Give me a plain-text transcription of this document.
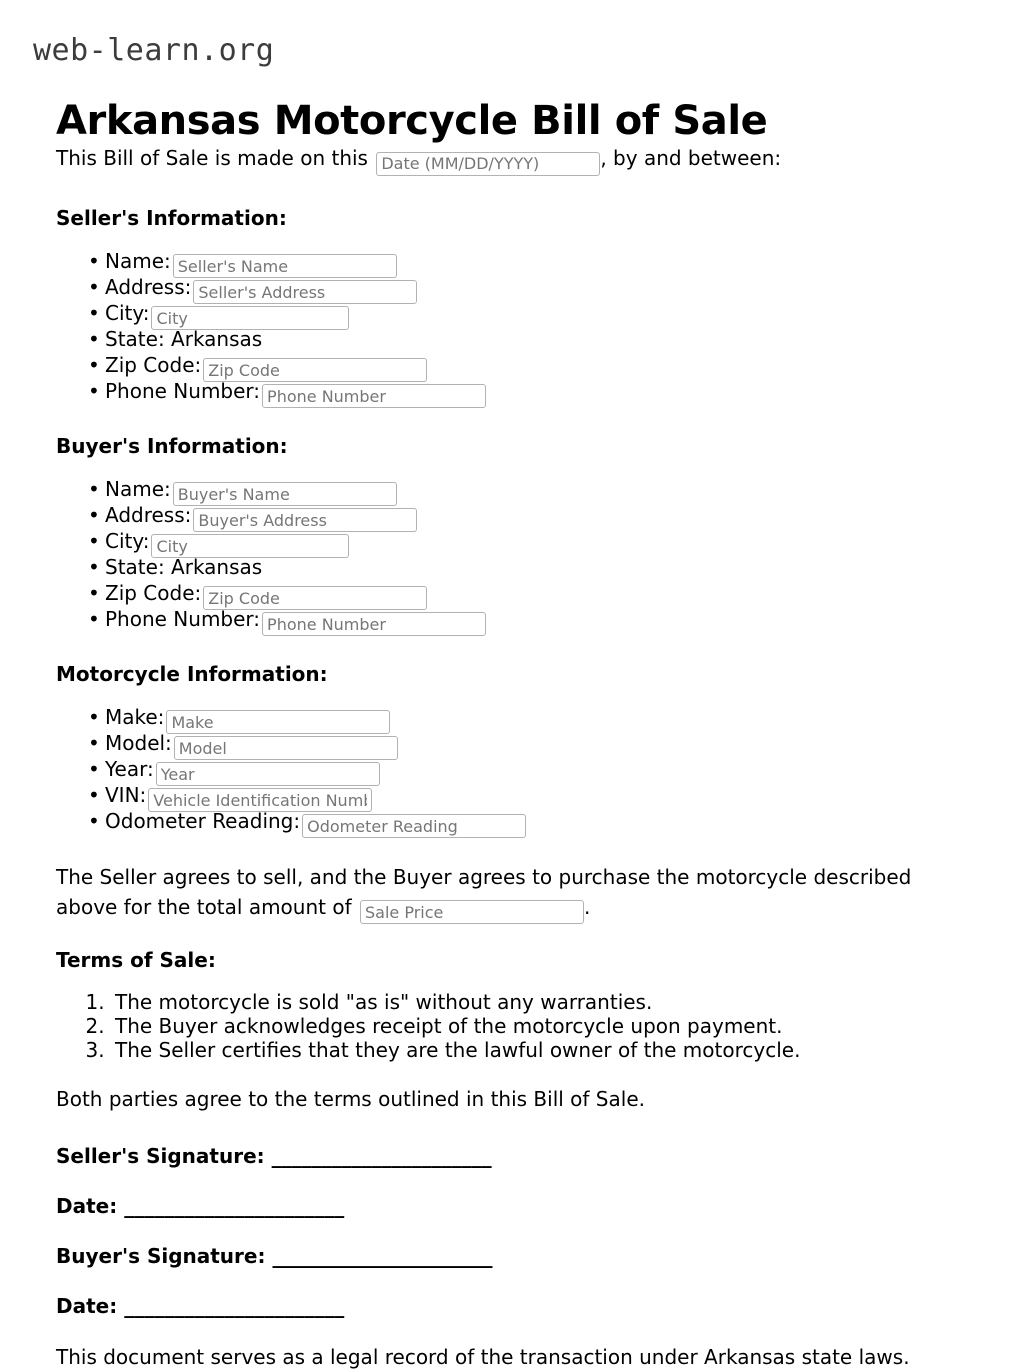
web-learn.org
Arkansas Motorcycle Bill of Sale

This Bill of Sale is made on this Date (MM/DD/YYYY)	, by and between:

Seller's Information:
• Name:Seller's Name
• Address:Seller's Address
• City:City
• State: Arkansas
• Zip Code:Zip Code
• Phone Number:Phone Number
Buyer's Information:
• Name:Buyer's Name
• Address:Buyer's Address
• City:City
• State: Arkansas
• Zip Code:Zip Code
• Phone Number:Phone Number
Motorcycle Information:
• Make:Make
• Model:Model
• Year:Year
• VIN:Vehicle Identification Number
• Odometer Reading:Odometer Reading

The Seller agrees to sell, and the Buyer agrees to purchase the motorcycle described above for the total amount of Sale Price	.

Terms of Sale:
1. The motorcycle is sold "as is" without any warranties.
2. The Buyer acknowledges receipt of the motorcycle upon payment.
3. The Seller certifies that they are the lawful owner of the motorcycle.

Both parties agree to the terms outlined in this Bill of Sale.

Seller's Signature: ______________________
Date: ______________________
Buyer's Signature: ______________________
Date: ______________________

This document serves as a legal record of the transaction under Arkansas state laws.
